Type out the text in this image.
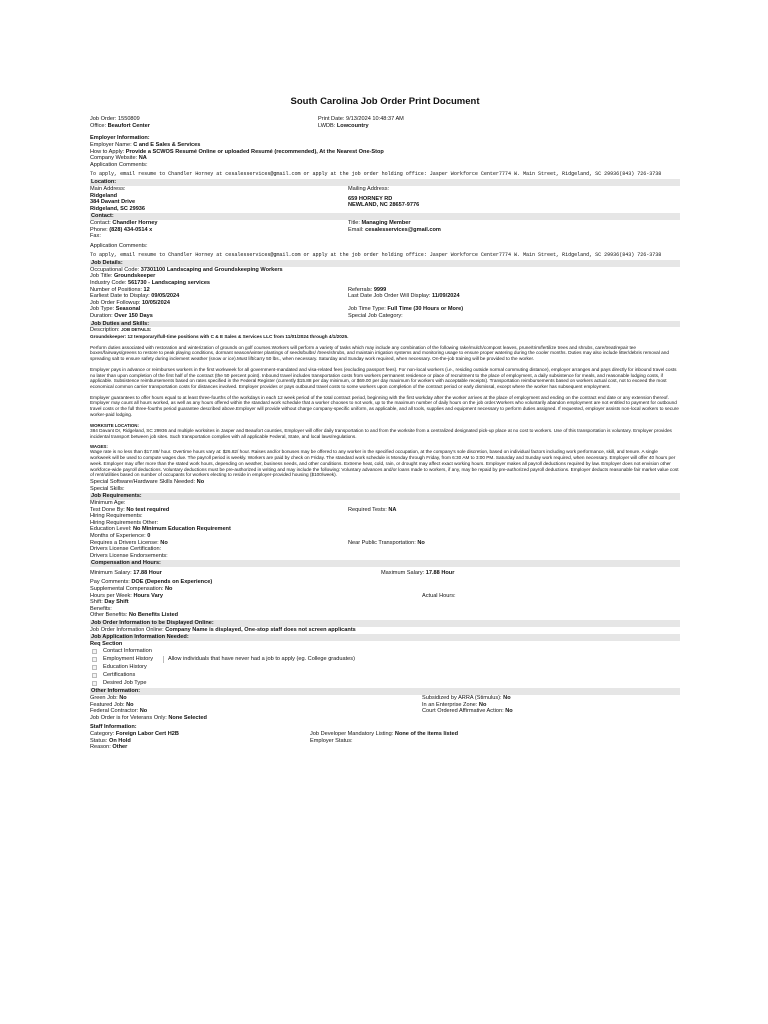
South Carolina Job Order Print Document
Job Order: 1550809
Office: Beaufort Center
Print Date: 9/13/2024 10:48:37 AM
LWDB: Lowcountry
Employer Information:
Employer Name: C and E Sales & Services
How to Apply: Provide a SCWOS Resumé Online or uploaded Resumé (recommended), At the Nearest One-Stop
Company Website: NA
Application Comments:
To apply, email resume to Chandler Horney at cesalesservices@gmail.com or apply at the job order holding office: Jasper Workforce Center7774 W. Main Street, Ridgeland, SC 29936(843) 726-3738
Location:
Main Address:
Ridgeland
384 Davant Drive
Ridgeland, SC 29936
Mailing Address:
659 HORNEY RD
NEWLAND, NC 28657-9776
Contact:
Contact: Chandler Horney
Phone: (828) 434-0514 x
Fax:
Title: Managing Member
Email: cesalesservices@gmail.com
Application Comments:
To apply, email resume to Chandler Horney at cesalesservices@gmail.com or apply at the job order holding office: Jasper Workforce Center7774 W. Main Street, Ridgeland, SC 29936(843) 726-3738
Job Details:
Occupational Code: 37301100 Landscaping and Groundskeeping Workers
Job Title: Groundskeeper
Industry Code: 561730 - Landscaping services
Number of Positions: 12
Earliest Date to Display: 09/05/2024
Job Order Followup: 10/05/2024
Job Type: Seasonal
Duration: Over 150 Days
Referrals: 9999
Last Date Job Order Will Display: 11/09/2024

Job Time Type: Full Time (30 Hours or More)
Special Job Category:
Job Duties and Skills:
Description: JOB DETAILS:
Groundskeeper: 12 temporary/full-time positions with C & E Sales & Services LLC from 11/01/2024 through 4/1/2025.
Perform duties associated with restoration and winterization of grounds on golf courses.Workers will perform a variety of tasks which may include any combination of the following rake/mulch/compost leaves, prune/trim/fertilize trees and shrubs, care/treat/repair tee boxes/fairways/greens to restore to peak playing conditions, dormant season/winter plantings of seeds/bulbs/ /trees/shrubs, and maintain irrigation systems and monitoring usage to ensure proper watering during the cooler months. Duties may also include litter/debris removal and spreading salt to ensure safety during inclement weather (snow or ice).Must lift/carry 50 lbs., when necessary. Saturday and Sunday work required, when necessary. On-the-job training will be provided to the worker.
Employer pays in advance or reimburses workers in the first workweek for all government-mandated and visa-related fees (excluding passport fees). For non-local workers (i.e., residing outside normal commuting distance), employer arranges and pays directly for inbound travel costs no later than upon completion of the first half of the contract (the 50 percent point). Inbound travel includes transportation costs from workers permanent residence or place of recruitment to the place of employment, a daily subsistence for meals, and reasonable lodging costs, if applicable. Subsistence reimbursements based on rates specified in the Federal Register (currently $15.88 per day minimum, or $69.00 per day maximum for workers with acceptable receipts). Transportation reimbursements based on workers actual cost, not to exceed the most economical common carrier transportation costs for distances involved. Employer provides or pays outbound travel costs to some workers upon completion of the contract period or early dismissal, except where the worker has subsequent employment.
Employer guarantees to offer hours equal to at least three-fourths of the workdays in each 12 week period of the total contract period, beginning with the first workday after the worker arrives at the place of employment and ending on the contract end date or any extension thereof. Employer may count all hours worked, as well as any hours offered within the standard work schedule that a worker chooses to not work, up to the maximum number of daily hours on the job order.Workers who voluntarily abandon employment are not entitled to payment for outbound travel costs or the full three-fourths period guarantee described above.Employer will provide without charge company-specific uniform, as applicable, and all tools, supplies and equipment necessary to perform duties assigned. If requested, employer assists non-local workers to secure worker-paid lodging.
WORKSITE LOCATION:
384 Davant Dr, Ridgeland, SC 29936 and multiple worksites in Jasper and Beaufort counties, Employer will offer daily transportation to and from the worksite from a centralized designated pick-up place at no cost to workers. Use of this transportation is voluntary. Employer provides incidental transport between job sites. Such transportation complies with all applicable Federal, State, and local laws/regulations.
WAGES:
Wage rate is no less than $17.88/ hour. Overtime hours vary at: $26.82/ hour. Raises and/or bonuses may be offered to any worker in the specified occupation, at the company's sole discretion, based on individual factors including work performance, skill, and tenure. A single workweek will be used to compute wages due. The payroll period is weekly. Workers are paid by check on Friday. The standard work schedule is Monday through Friday, from 6:30 AM to 3:00 PM. Saturday and Sunday work required, when necessary. Employer will offer 40 hours per week. Employer may offer more than the stated work hours, depending on weather, business needs, and other conditions. Extreme heat, cold, rain, or drought may affect exact working hours. Employer makes all payroll deductions required by law. Employer does not envision other workforce-wide payroll deductions. Voluntary deductions must be pre-authorized in writing and may include the following: Voluntary advances and/or loans made to workers, if any, may be repaid by pre-authorized payroll deductions. Employer deducts reasonable fair market value cost of rent/utilities based on number of occupants for workers electing to reside in employer-provided housing ($100/week).
Special Software/Hardware Skills Needed: No
Special Skills:
Job Requirements:
Minimum Age:
Test Done By: No test required	Required Tests: NA
Hiring Requirements:
Hiring Requirements Other:
Education Level: No Minimum Education Requirement
Months of Experience: 0
Requires a Drivers License: No	Near Public Transportation: No
Drivers License Certification:
Drivers License Endorsements:
Compensation and Hours:
Minimum Salary: 17.88 Hour	Maximum Salary: 17.88 Hour
Pay Comments: DOE (Depends on Experience)
Supplemental Compensation: No
Hours per Week: Hours Vary	Actual Hours:
Shift: Day Shift
Benefits:
Other Benefits: No Benefits Listed
Job Order Information to be Displayed Online:
Job Order Information Online: Company Name is displayed, One-stop staff does not screen applicants
Job Application Information Needed:
Req Section
Contact Information
Employment History	Allow individuals that have never had a job to apply (eg. College graduates)
Education History
Certifications
Desired Job Type
Other Information:
Green Job: No
Featured Job: No
Federal Contractor: No
Job Order is for Veterans Only: None Selected
Subsidized by ARRA (Stimulus): No
In an Enterprise Zone: No
Court Ordered Affirmative Action: No
Staff Information:
Category: Foreign Labor Cert H2B
Status: On Hold
Reason: Other
Job Developer Mandatory Listing: None of the items listed
Employer Status:
